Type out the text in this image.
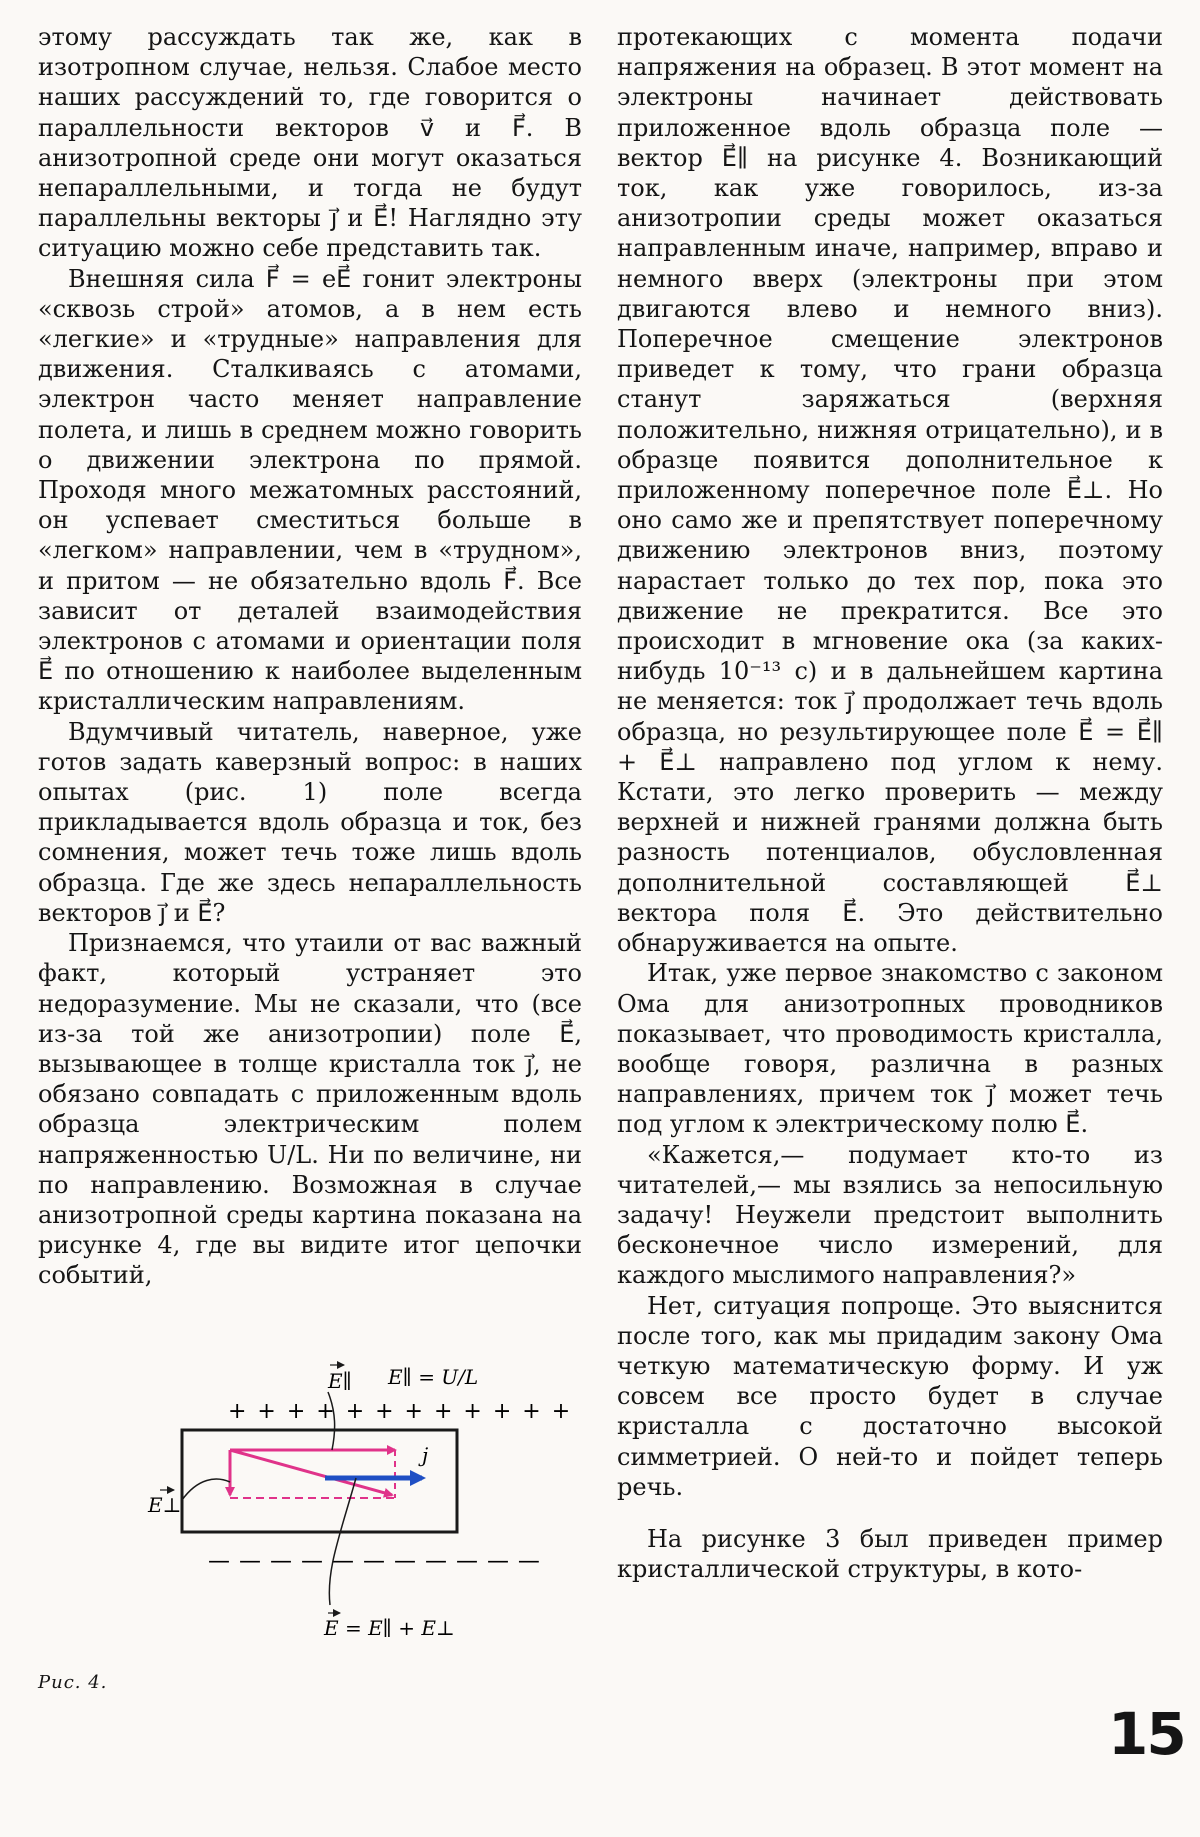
этому рассуждать так же, как в изотропном случае, нельзя. Слабое место наших рассуждений то, где говорится о параллельности векторов v⃗ и F⃗. В анизотропной среде они могут оказаться непараллельными, и тогда не будут параллельны векторы j⃗ и E⃗! Наглядно эту ситуацию можно себе представить так.

Внешняя сила F⃗ = eE⃗ гонит электроны «сквозь строй» атомов, а в нем есть «легкие» и «трудные» направления для движения. Сталкиваясь с атомами, электрон часто меняет направление полета, и лишь в среднем можно говорить о движении электрона по прямой. Проходя много межатомных расстояний, он успевает сместиться больше в «легком» направлении, чем в «трудном», и притом — не обязательно вдоль F⃗. Все зависит от деталей взаимодействия электронов с атомами и ориентации поля E⃗ по отношению к наиболее выделенным кристаллическим направлениям.

Вдумчивый читатель, наверное, уже готов задать каверзный вопрос: в наших опытах (рис. 1) поле всегда прикладывается вдоль образца и ток, без сомнения, может течь тоже лишь вдоль образца. Где же здесь непараллельность векторов j⃗ и E⃗?

Признаемся, что утаили от вас важный факт, который устраняет это недоразумение. Мы не сказали, что (все из-за той же анизотропии) поле E⃗, вызывающее в толще кристалла ток j⃗, не обязано совпадать с приложенным вдоль образца электрическим полем напряженностью U/L. Ни по величине, ни по направлению. Возможная в случае анизотропной среды картина показана на рисунке 4, где вы видите итог цепочки событий,

протекающих с момента подачи напряжения на образец. В этот момент на электроны начинает действовать приложенное вдоль образца поле — вектор E⃗∥ на рисунке 4. Возникающий ток, как уже говорилось, из-за анизотропии среды может оказаться направленным иначе, например, вправо и немного вверх (электроны при этом двигаются влево и немного вниз). Поперечное смещение электронов приведет к тому, что грани образца станут заряжаться (верхняя положительно, нижняя отрицательно), и в образце появится дополнительное к приложенному поперечное поле E⃗⊥. Но оно само же и препятствует поперечному движению электронов вниз, поэтому нарастает только до тех пор, пока это движение не прекратится. Все это происходит в мгновение ока (за каких-нибудь 10⁻¹³ с) и в дальнейшем картина не меняется: ток j⃗ продолжает течь вдоль образца, но результирующее поле E⃗ = E⃗∥ + E⃗⊥ направлено под углом к нему. Кстати, это легко проверить — между верхней и нижней гранями должна быть разность потенциалов, обусловленная дополнительной составляющей E⃗⊥ вектора поля E⃗. Это действительно обнаруживается на опыте.

Итак, уже первое знакомство с законом Ома для анизотропных проводников показывает, что проводимость кристалла, вообще говоря, различна в разных направлениях, причем ток j⃗ может течь под углом к электрическому полю E⃗.

«Кажется,— подумает кто-то из читателей,— мы взялись за непосильную задачу! Неужели предстоит выполнить бесконечное число измерений, для каждого мыслимого направления?»

Нет, ситуация попроще. Это выяснится после того, как мы придадим закону Ома четкую математическую форму. И уж совсем все просто будет в случае кристалла с достаточно высокой симметрией. О ней-то и пойдет теперь речь.

На рисунке 3 был приведен пример кристаллической структуры, в кото-

E∥ E∥ = U/L
+ + + + + + + + + + + +
j
E⊥
— — — — — — — — — — —
E = E∥ + E⊥
Рис. 4.
15
